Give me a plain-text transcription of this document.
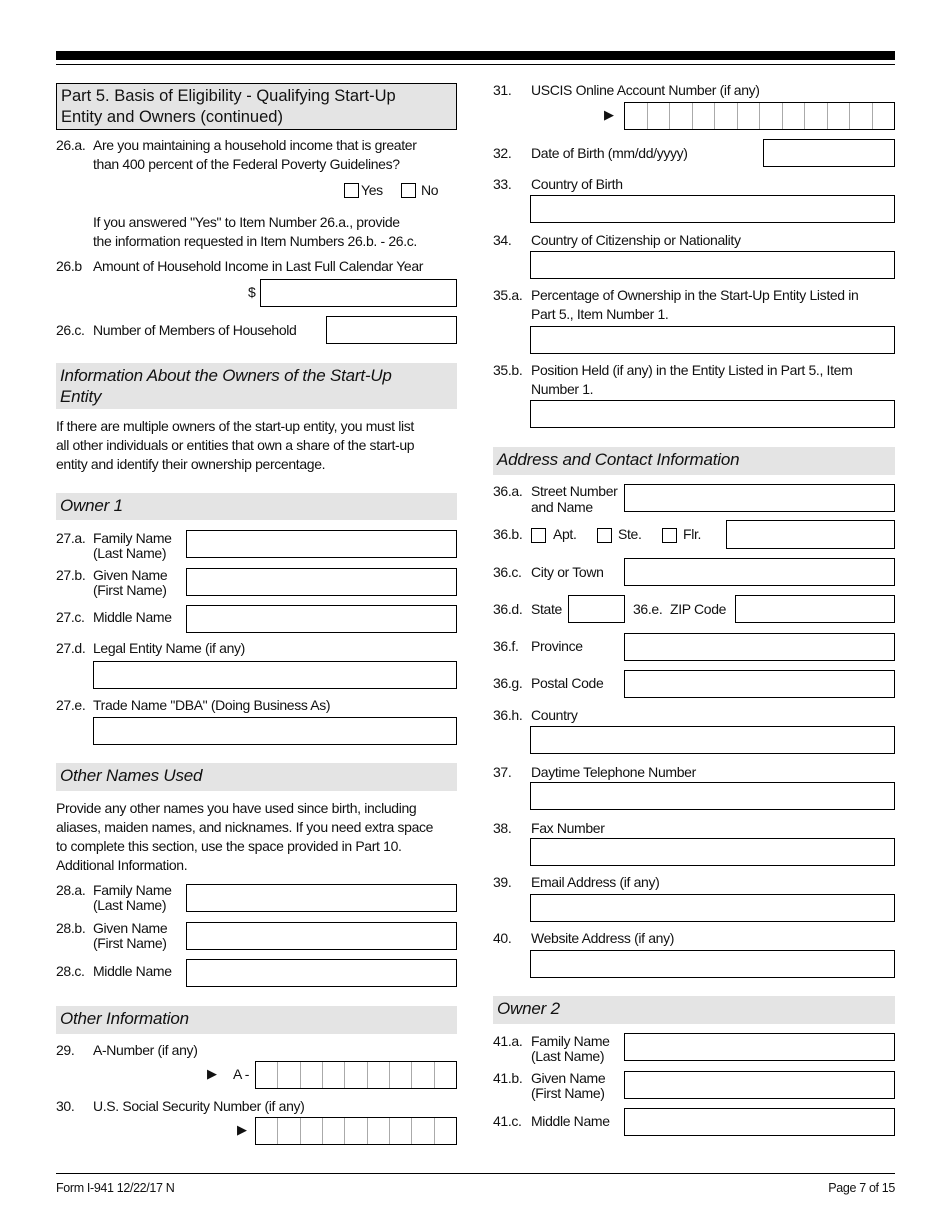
Part 5. Basis of Eligibility - Qualifying Start-Up
Entity and Owners (continued)
26.a. Are you maintaining a household income that is greater
than 400 percent of the Federal Poverty Guidelines?
Yes	No
If you answered "Yes" to Item Number 26.a., provide
the information requested in Item Numbers 26.b. - 26.c.
26.b Amount of Household Income in Last Full Calendar Year
$
26.c. Number of Members of Household
Information About the Owners of the Start-Up
Entity
If there are multiple owners of the start-up entity, you must list
all other individuals or entities that own a share of the start-up
entity and identify their ownership percentage.
Owner 1
27.a. Family Name
(Last Name)
27.b. Given Name
(First Name)
27.c. Middle Name
27.d. Legal Entity Name (if any)
27.e. Trade Name "DBA" (Doing Business As)
Other Names Used
Provide any other names you have used since birth, including
aliases, maiden names, and nicknames. If you need extra space
to complete this section, use the space provided in Part 10.
Additional Information.
28.a. Family Name
(Last Name)
28.b. Given Name
(First Name)
28.c. Middle Name
Other Information
29. A-Number (if any)
▶ A -
30. U.S. Social Security Number (if any)
▶
31. USCIS Online Account Number (if any)
▶
32. Date of Birth (mm/dd/yyyy)
33. Country of Birth
34. Country of Citizenship or Nationality
35.a. Percentage of Ownership in the Start-Up Entity Listed in
Part 5., Item Number 1.
35.b. Position Held (if any) in the Entity Listed in Part 5., Item
Number 1.
Address and Contact Information
36.a. Street Number
and Name
36.b. Apt.	Ste.	Flr.
36.c. City or Town
36.d. State	36.e. ZIP Code
36.f. Province
36.g. Postal Code
36.h. Country
37. Daytime Telephone Number
38. Fax Number
39. Email Address (if any)
40. Website Address (if any)
Owner 2
41.a. Family Name
(Last Name)
41.b. Given Name
(First Name)
41.c. Middle Name
Form I-941 12/22/17 N	Page 7 of 15
